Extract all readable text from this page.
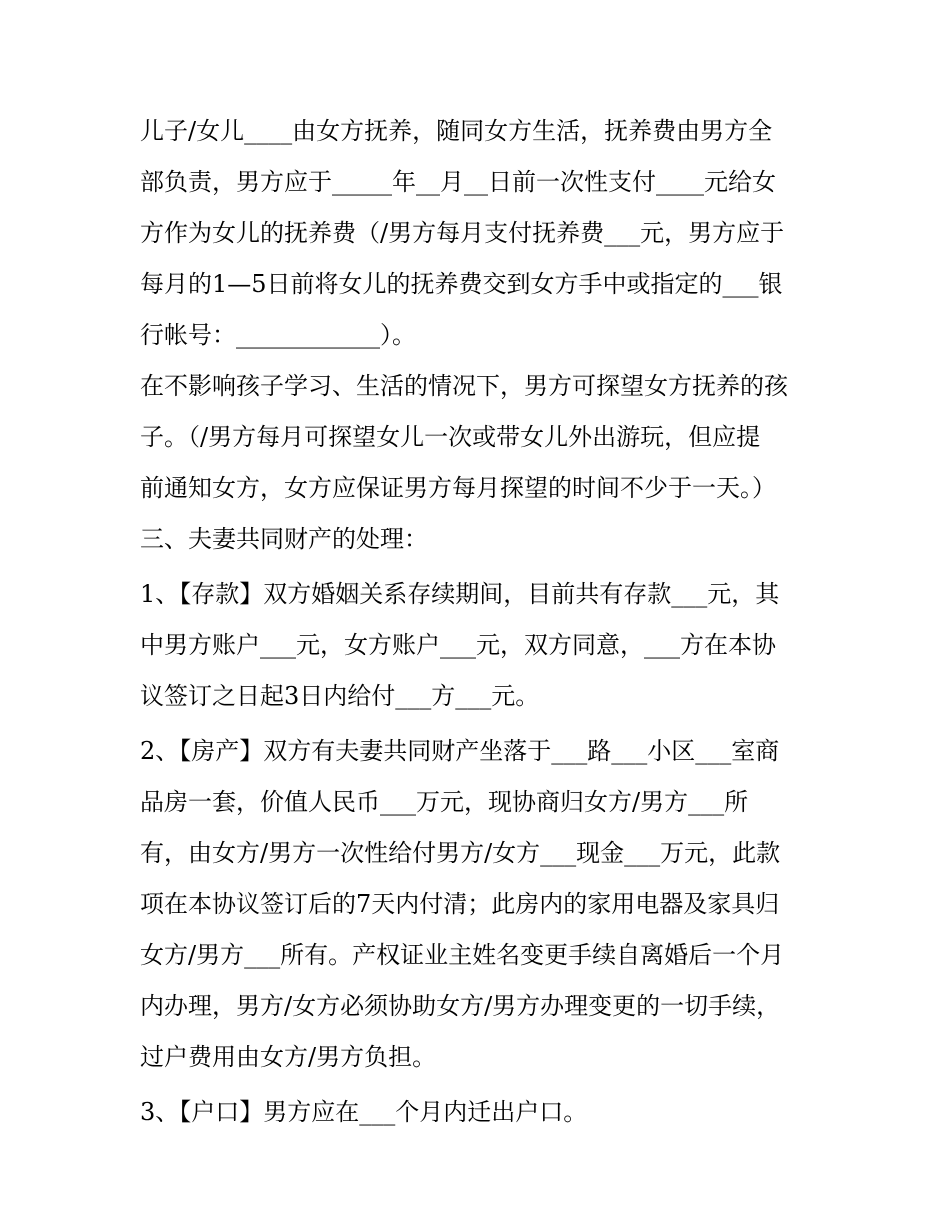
儿子/女儿____由女方抚养，随同女方生活，抚养费由男方全
部负责，男方应于_____年__月__日前一次性支付____元给女
方作为女儿的抚养费（/男方每月支付抚养费___元，男方应于
每月的1—5日前将女儿的抚养费交到女方手中或指定的___银
行帐号：____________）。
在不影响孩子学习、生活的情况下，男方可探望女方抚养的孩
子。（/男方每月可探望女儿一次或带女儿外出游玩，但应提
前通知女方，女方应保证男方每月探望的时间不少于一天。）
三、夫妻共同财产的处理：
1、【存款】双方婚姻关系存续期间，目前共有存款___元，其
中男方账户___元，女方账户___元，双方同意，___方在本协
议签订之日起3日内给付___方___元。
2、【房产】双方有夫妻共同财产坐落于___路___小区___室商
品房一套，价值人民币___万元，现协商归女方/男方___所
有，由女方/男方一次性给付男方/女方___现金___万元，此款
项在本协议签订后的7天内付清；此房内的家用电器及家具归
女方/男方___所有。产权证业主姓名变更手续自离婚后一个月
内办理，男方/女方必须协助女方/男方办理变更的一切手续，
过户费用由女方/男方负担。
3、【户口】男方应在___个月内迁出户口。
